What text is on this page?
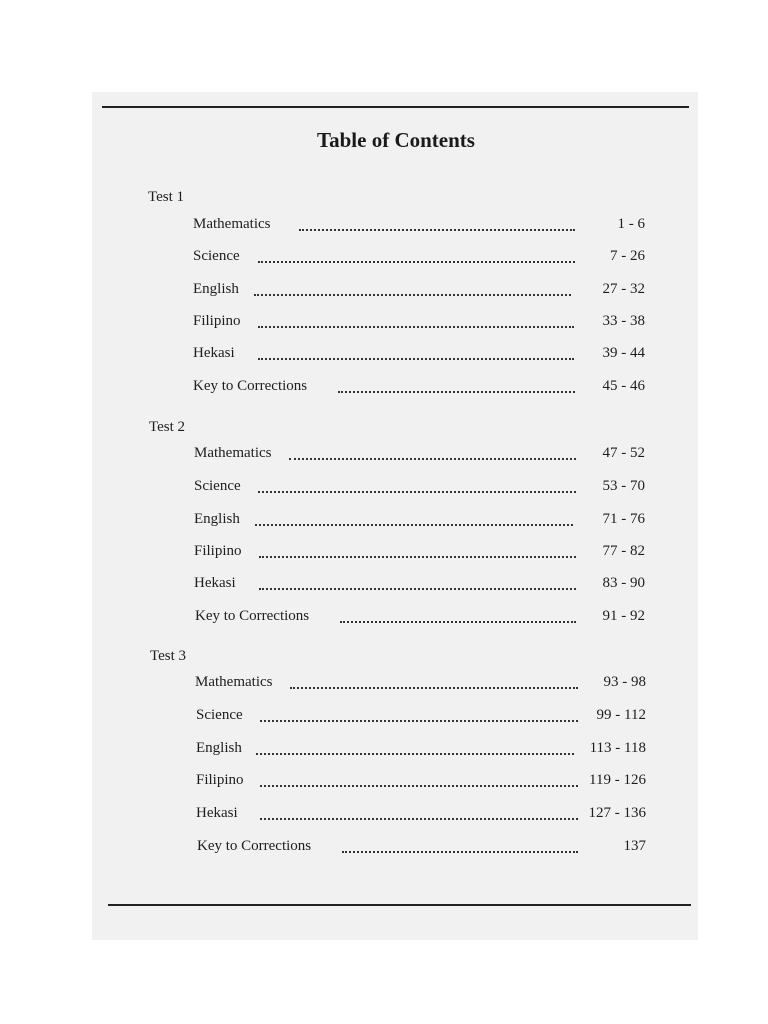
Table of Contents
Test 1
Mathematics	1 - 6
Science	7 - 26
English	27 - 32
Filipino	33 - 38
Hekasi	39 - 44
Key to Corrections	45 - 46
Test 2
Mathematics	47 - 52
Science	53 - 70
English	71 - 76
Filipino	77 - 82
Hekasi	83 - 90
Key to Corrections	91 - 92
Test 3
Mathematics	93 - 98
Science	99 - 112
English	113 - 118
Filipino	119 - 126
Hekasi	127 - 136
Key to Corrections	137
